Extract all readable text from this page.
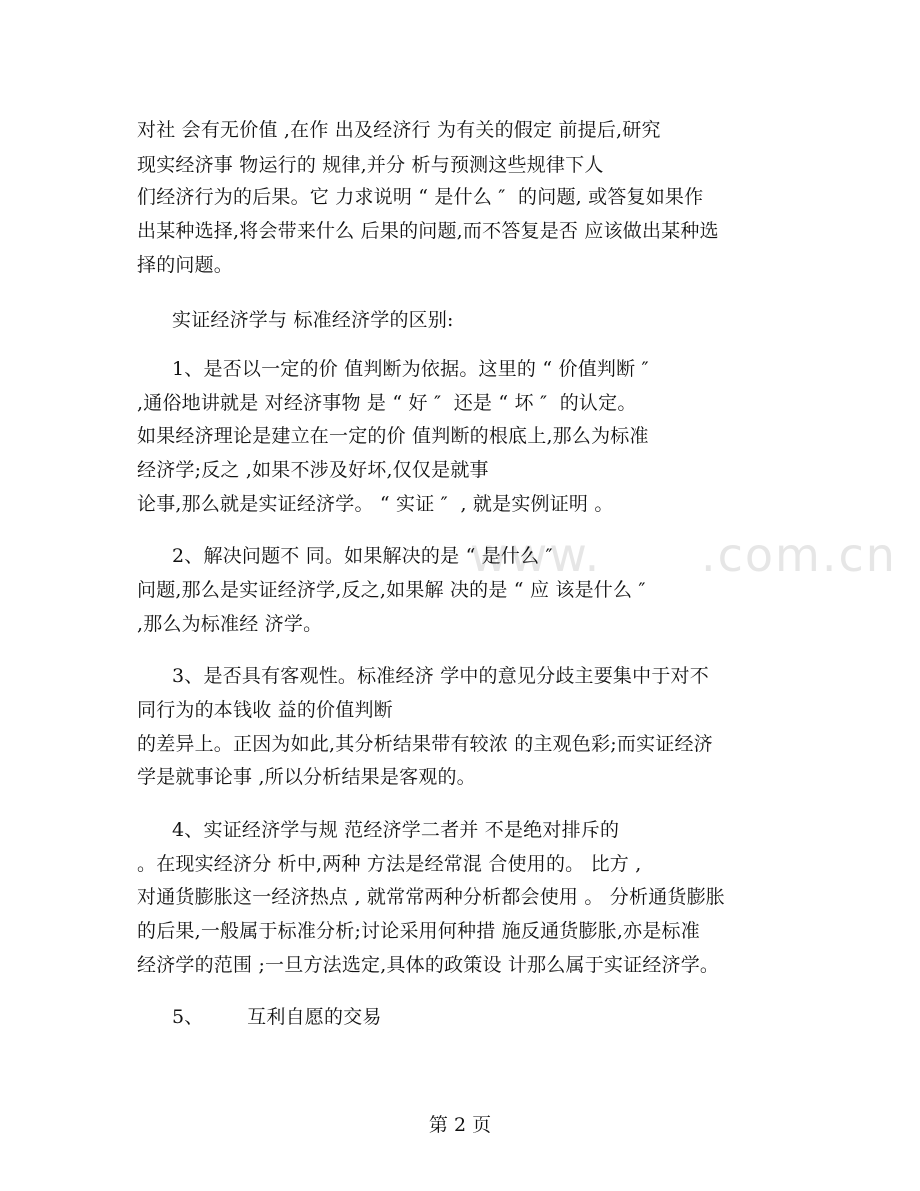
www.      .com.cn
对社 会有无价值 ,在作 出及经济行 为有关的假定 前提后,研究
现实经济事 物运行的 规律,并分 析与预测这些规律下人
们经济行为的后果。它 力求说明 “ 是什么 ″  的问题, 或答复如果作
出某种选择,将会带来什么 后果的问题,而不答复是否 应该做出某种选
择的问题。
实证经济学与 标准经济学的区别:
1、是否以一定的价 值判断为依据。这里的 “ 价值判断 ″
,通俗地讲就是 对经济事物 是 “ 好 ″  还是 “ 坏 ″  的认定。
如果经济理论是建立在一定的价 值判断的根底上,那么为标准
经济学;反之 ,如果不涉及好坏,仅仅是就事
论事,那么就是实证经济学。 “ 实证 ″  , 就是实例证明 。
2、解决问题不 同。如果解决的是 “ 是什么 ″
问题,那么是实证经济学,反之,如果解 决的是 “ 应 该是什么 ″
,那么为标准经 济学。
3、是否具有客观性。标准经济 学中的意见分歧主要集中于对不
同行为的本钱收 益的价值判断
的差异上。正因为如此,其分析结果带有较浓 的主观色彩;而实证经济
学是就事论事 ,所以分析结果是客观的。
4、实证经济学与规 范经济学二者并 不是绝对排斥的
。在现实经济分 析中,两种 方法是经常混 合使用的。 比方 ,
对通货膨胀这一经济热点 , 就常常两种分析都会使用 。 分析通货膨胀
的后果,一般属于标准分析;讨论采用何种措 施反通货膨胀,亦是标准
经济学的范围 ;一旦方法选定,具体的政策设 计那么属于实证经济学。
5、       互利自愿的交易
第 2 页
